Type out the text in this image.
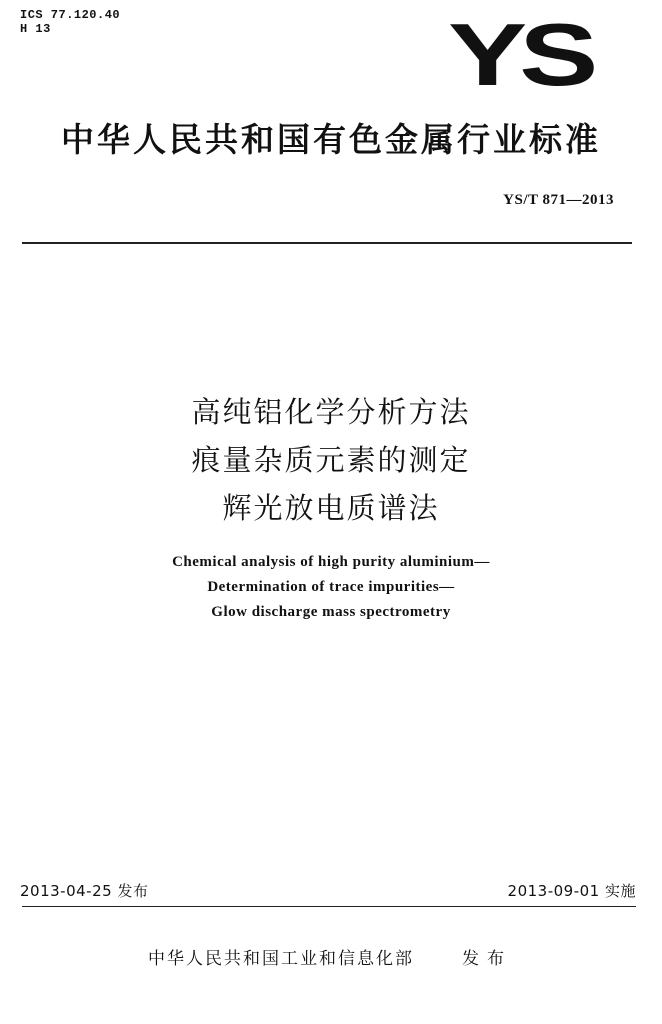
ICS 77.120.40
H 13	YS
中华人民共和国有色金属行业标准
YS/T 871—2013
高纯铝化学分析方法
痕量杂质元素的测定
辉光放电质谱法
Chemical analysis of high purity aluminium—
Determination of trace impurities—
Glow discharge mass spectrometry
2013-04-25 发布	2013-09-01 实施
中华人民共和国工业和信息化部	发布
